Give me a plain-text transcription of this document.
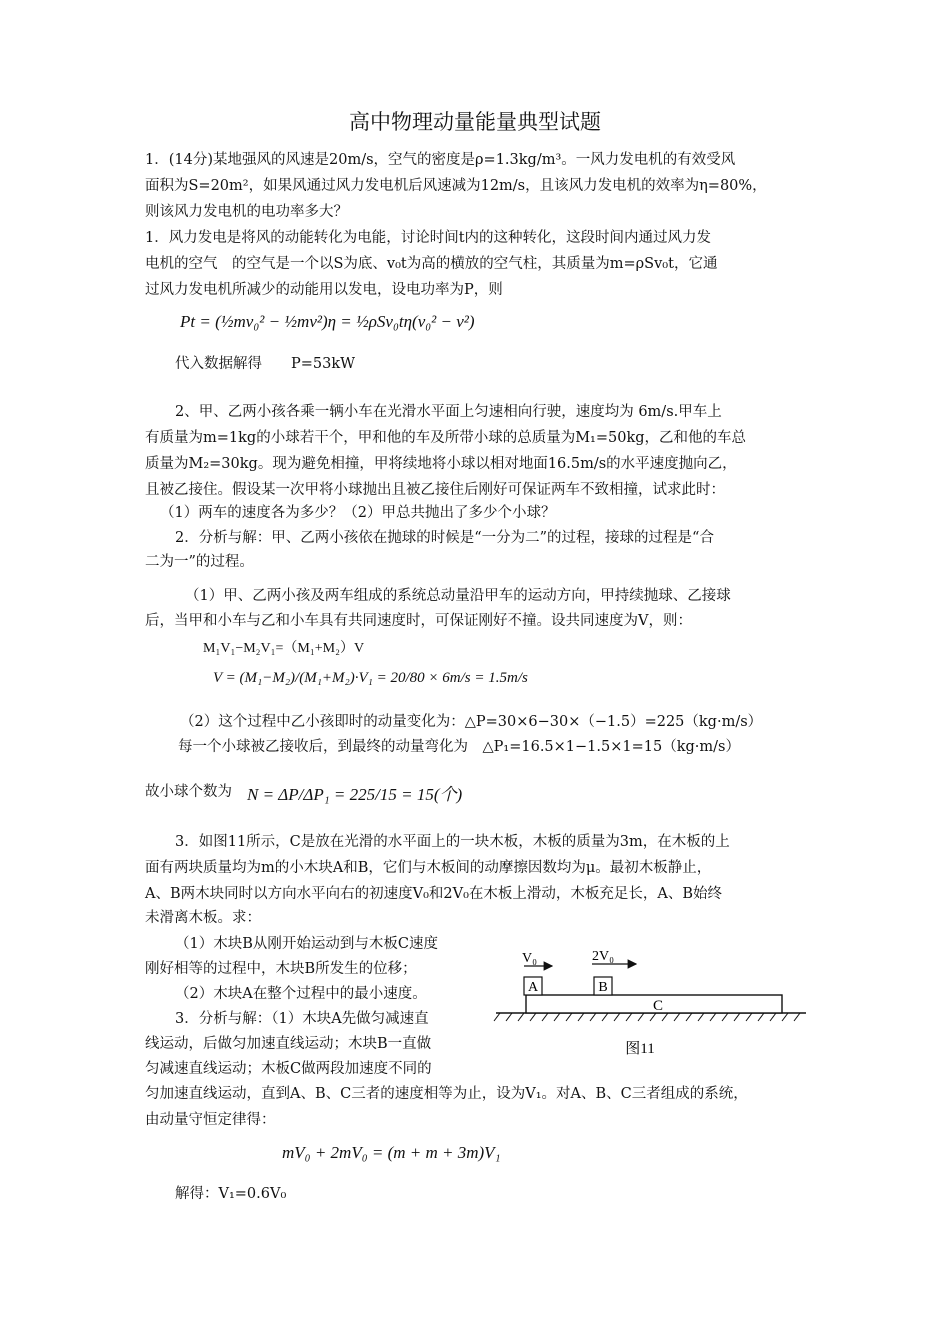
高中物理动量能量典型试题
1．(14分)某地强风的风速是20m/s，空气的密度是ρ=1.3kg/m³。一风力发电机的有效受风
面积为S=20m²，如果风通过风力发电机后风速减为12m/s，且该风力发电机的效率为η=80%，
则该风力发电机的电功率多大？
1．风力发电是将风的动能转化为电能，讨论时间t内的这种转化，这段时间内通过风力发
电机的空气　的空气是一个以S为底、v₀t为高的横放的空气柱，其质量为m=ρSv₀t，它通
过风力发电机所减少的动能用以发电，设电功率为P，则
Pt = (½mv₀² − ½mv²)η = ½ρSv₀tη(v₀² − v²)
代入数据解得　　P=53kW
2、甲、乙两小孩各乘一辆小车在光滑水平面上匀速相向行驶，速度均为 6m/s.甲车上
有质量为m=1kg的小球若干个，甲和他的车及所带小球的总质量为M₁=50kg，乙和他的车总
质量为M₂=30kg。现为避免相撞，甲将续地将小球以相对地面16.5m/s的水平速度抛向乙，
且被乙接住。假设某一次甲将小球抛出且被乙接住后刚好可保证两车不致相撞，试求此时：
（1）两车的速度各为多少？（2）甲总共抛出了多少个小球？
2．分析与解：甲、乙两小孩依在抛球的时候是“一分为二”的过程，接球的过程是“合
二为一”的过程。
（1）甲、乙两小孩及两车组成的系统总动量沿甲车的运动方向，甲持续抛球、乙接球
后，当甲和小车与乙和小车具有共同速度时，可保证刚好不撞。设共同速度为V，则：
M₁V₁−M₂V₁=（M₁+M₂）V
V = (M₁−M₂)/(M₁+M₂)·V₁ = 20/80 × 6m/s = 1.5m/s
（2）这个过程中乙小孩即时的动量变化为：△P=30×6−30×（−1.5）=225（kg·m/s）
每一个小球被乙接收后，到最终的动量弯化为　△P₁=16.5×1−1.5×1=15（kg·m/s）
故小球个数为 N = ΔP/ΔP₁ = 225/15 = 15(个)
3．如图11所示，C是放在光滑的水平面上的一块木板，木板的质量为3m，在木板的上
面有两块质量均为m的小木块A和B，它们与木板间的动摩擦因数均为μ。最初木板静止，
A、B两木块同时以方向水平向右的初速度V₀和2V₀在木板上滑动，木板充足长，A、B始终
未滑离木板。求：
（1）木块B从刚开始运动到与木板C速度
刚好相等的过程中，木块B所发生的位移；
（2）木块A在整个过程中的最小速度。
3．分析与解：（1）木块A先做匀减速直
线运动，后做匀加速直线运动；木块B一直做
匀减速直线运动；木板C做两段加速度不同的
匀加速直线运动，直到A、B、C三者的速度相等为止，设为V₁。对A、B、C三者组成的系统，
由动量守恒定律得：
mV₀ + 2mV₀ = (m + m + 3m)V₁
解得：V₁=0.6V₀
C
A	B
V₀	2V₀
图11
